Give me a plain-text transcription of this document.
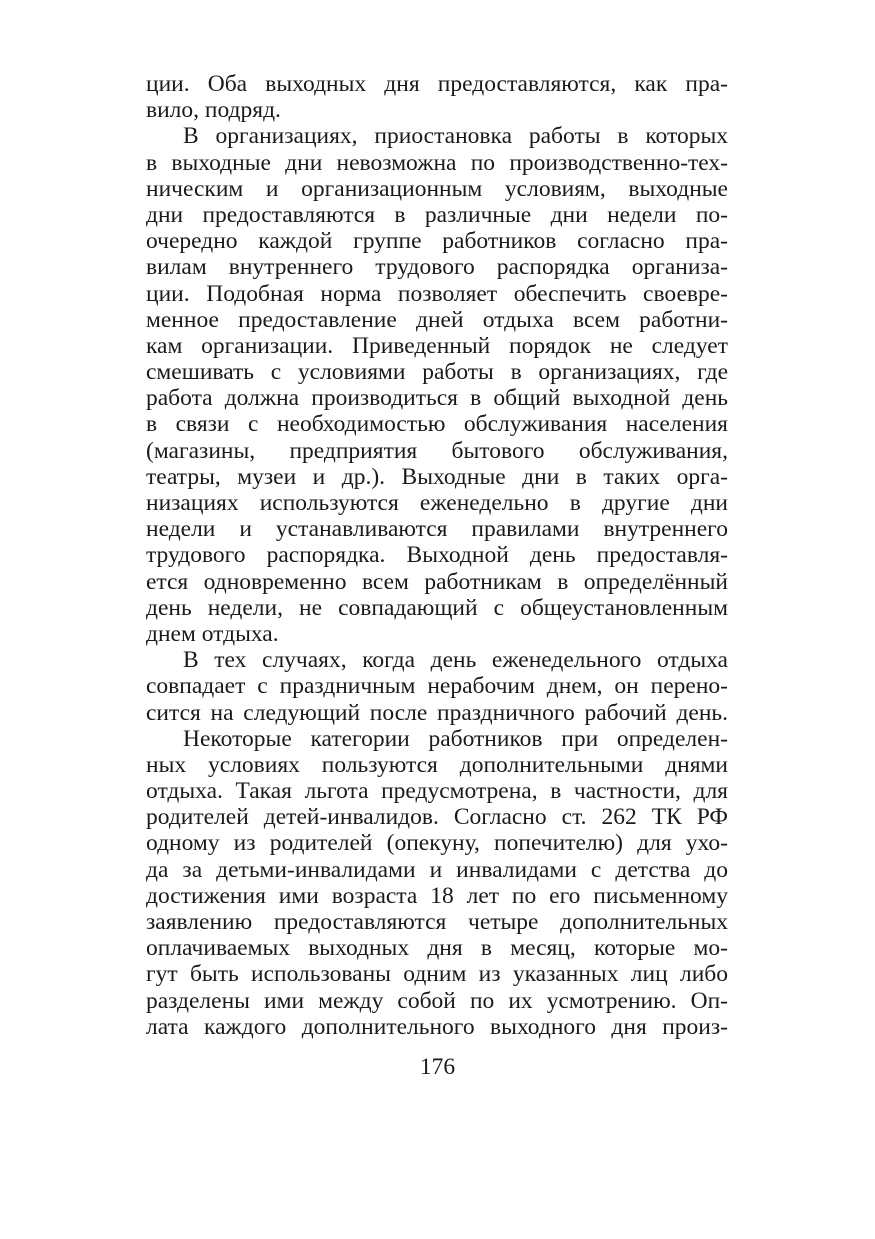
ции. Оба выходных дня предоставляются, как пра-
вило, подряд.
В организациях, приостановка работы в которых
в выходные дни невозможна по производственно-тех-
ническим и организационным условиям, выходные
дни предоставляются в различные дни недели по-
очередно каждой группе работников согласно пра-
вилам внутреннего трудового распорядка организа-
ции. Подобная норма позволяет обеспечить своевре-
менное предоставление дней отдыха всем работни-
кам организации. Приведенный порядок не следует
смешивать с условиями работы в организациях, где
работа должна производиться в общий выходной день
в связи с необходимостью обслуживания населения
(магазины, предприятия бытового обслуживания,
театры, музеи и др.). Выходные дни в таких орга-
низациях используются еженедельно в другие дни
недели и устанавливаются правилами внутреннего
трудового распорядка. Выходной день предоставля-
ется одновременно всем работникам в определённый
день недели, не совпадающий с общеустановленным
днем отдыха.
В тех случаях, когда день еженедельного отдыха
совпадает с праздничным нерабочим днем, он перено-
сится на следующий после праздничного рабочий день.
Некоторые категории работников при определен-
ных условиях пользуются дополнительными днями
отдыха. Такая льгота предусмотрена, в частности, для
родителей детей-инвалидов. Согласно ст. 262 ТК РФ
одному из родителей (опекуну, попечителю) для ухо-
да за детьми-инвалидами и инвалидами с детства до
достижения ими возраста 18 лет по его письменному
заявлению предоставляются четыре дополнительных
оплачиваемых выходных дня в месяц, которые мо-
гут быть использованы одним из указанных лиц либо
разделены ими между собой по их усмотрению. Оп-
лата каждого дополнительного выходного дня произ-
176
